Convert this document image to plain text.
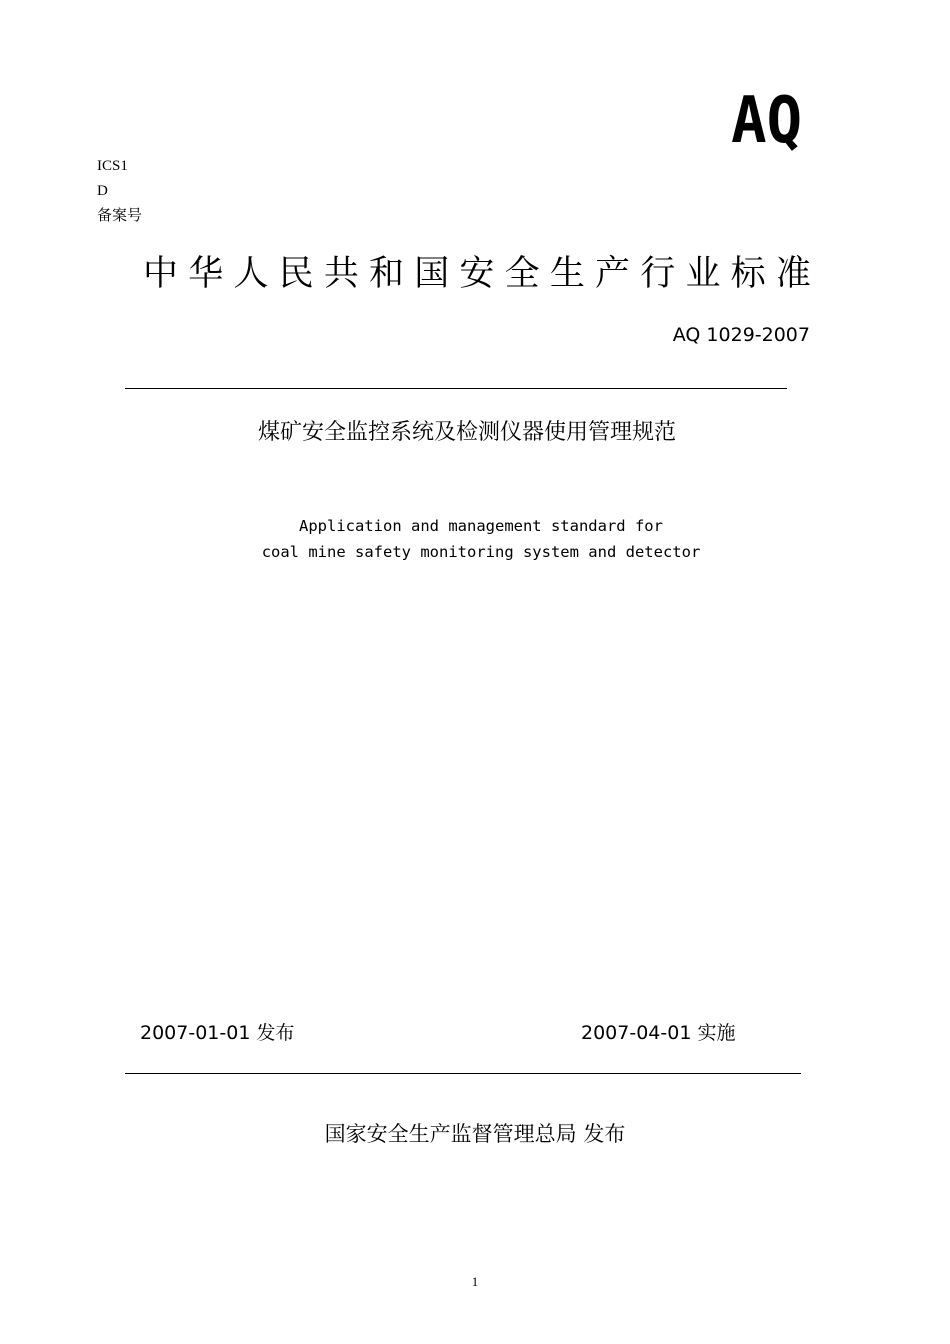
AQ
ICS1
D
备案号
中 华 人 民 共 和 国 安 全 生 产 行 业 标 准
AQ 1029-2007
煤矿安全监控系统及检测仪器使用管理规范
Application and management standard for
coal mine safety monitoring system and detector
2007-01-01 发布	2007-04-01 实施
国家安全生产监督管理总局 发布
1
